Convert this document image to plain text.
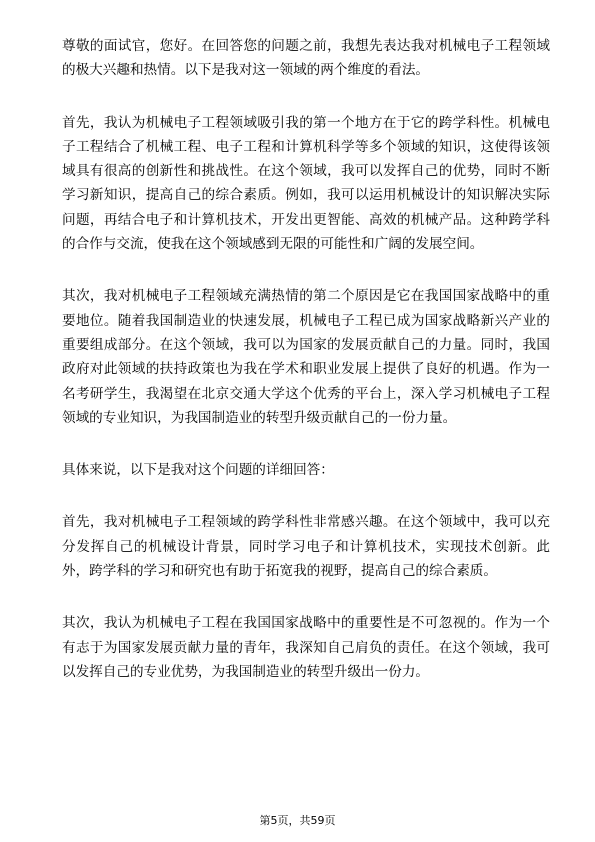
尊敬的面试官，您好。在回答您的问题之前，我想先表达我对机械电子工程领域的极大兴趣和热情。以下是我对这一领域的两个维度的看法。

首先，我认为机械电子工程领域吸引我的第一个地方在于它的跨学科性。机械电子工程结合了机械工程、电子工程和计算机科学等多个领域的知识，这使得该领域具有很高的创新性和挑战性。在这个领域，我可以发挥自己的优势，同时不断学习新知识，提高自己的综合素质。例如，我可以运用机械设计的知识解决实际问题，再结合电子和计算机技术，开发出更智能、高效的机械产品。这种跨学科的合作与交流，使我在这个领域感到无限的可能性和广阔的发展空间。

其次，我对机械电子工程领域充满热情的第二个原因是它在我国国家战略中的重要地位。随着我国制造业的快速发展，机械电子工程已成为国家战略新兴产业的重要组成部分。在这个领域，我可以为国家的发展贡献自己的力量。同时，我国政府对此领域的扶持政策也为我在学术和职业发展上提供了良好的机遇。作为一名考研学生，我渴望在北京交通大学这个优秀的平台上，深入学习机械电子工程领域的专业知识，为我国制造业的转型升级贡献自己的一份力量。

具体来说，以下是我对这个问题的详细回答：

首先，我对机械电子工程领域的跨学科性非常感兴趣。在这个领域中，我可以充分发挥自己的机械设计背景，同时学习电子和计算机技术，实现技术创新。此外，跨学科的学习和研究也有助于拓宽我的视野，提高自己的综合素质。

其次，我认为机械电子工程在我国国家战略中的重要性是不可忽视的。作为一个有志于为国家发展贡献力量的青年，我深知自己肩负的责任。在这个领域，我可以发挥自己的专业优势，为我国制造业的转型升级出一份力。

第5页，共59页
